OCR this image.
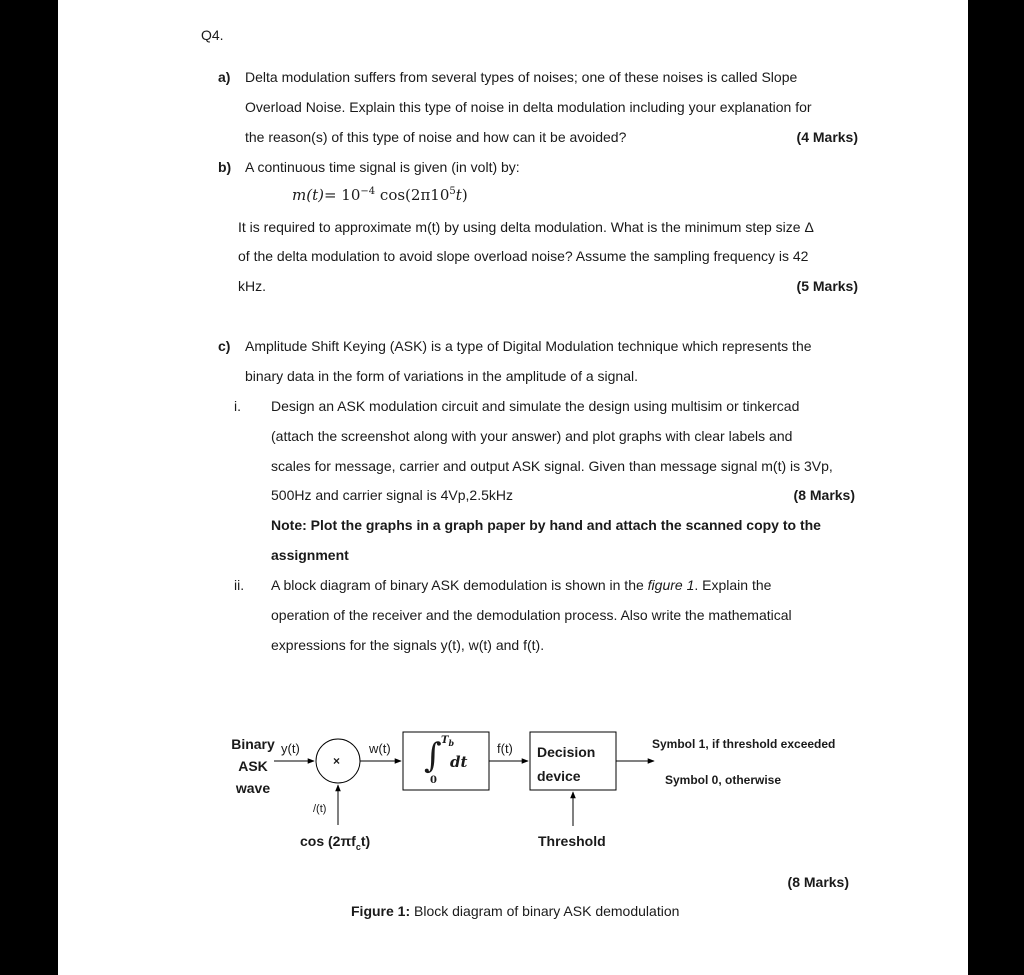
Q4.
a) Delta modulation suffers from several types of noises; one of these noises is called Slope
Overload Noise. Explain this type of noise in delta modulation including your explanation for
the reason(s) of this type of noise and how can it be avoided?	(4 Marks)
b) A continuous time signal is given (in volt) by:
$m(t)= 10^{-4}$ $\cos(2\pi 10^5t)$
It is required to approximate m(t) by using delta modulation. What is the minimum step size Δ
of the delta modulation to avoid slope overload noise? Assume the sampling frequency is 42
kHz.	(5 Marks)
c) Amplitude Shift Keying (ASK) is a type of Digital Modulation technique which represents the
binary data in the form of variations in the amplitude of a signal.
i. Design an ASK modulation circuit and simulate the design using multisim or tinkercad
(attach the screenshot along with your answer) and plot graphs with clear labels and
scales for message, carrier and output ASK signal. Given than message signal m(t) is 3Vp,
500Hz and carrier signal is 4Vp,2.5kHz	(8 Marks)
Note: Plot the graphs in a graph paper by hand and attach the scanned copy to the
assignment
ii. A block diagram of binary ASK demodulation is shown in the figure 1. Explain the
operation of the receiver and the demodulation process. Also write the mathematical
expressions for the signals y(t), w(t) and f(t).
Binary
ASK
wave
y(t)
×
w(t) ∫ $T_b$
0
dt
f(t) Decision
device
Symbol 1, if threshold exceeded
Symbol 0, otherwise
/(t)
$\cos (2\pi f_ct)$	Threshold
(8 Marks)
Figure 1: Block diagram of binary ASK demodulation
